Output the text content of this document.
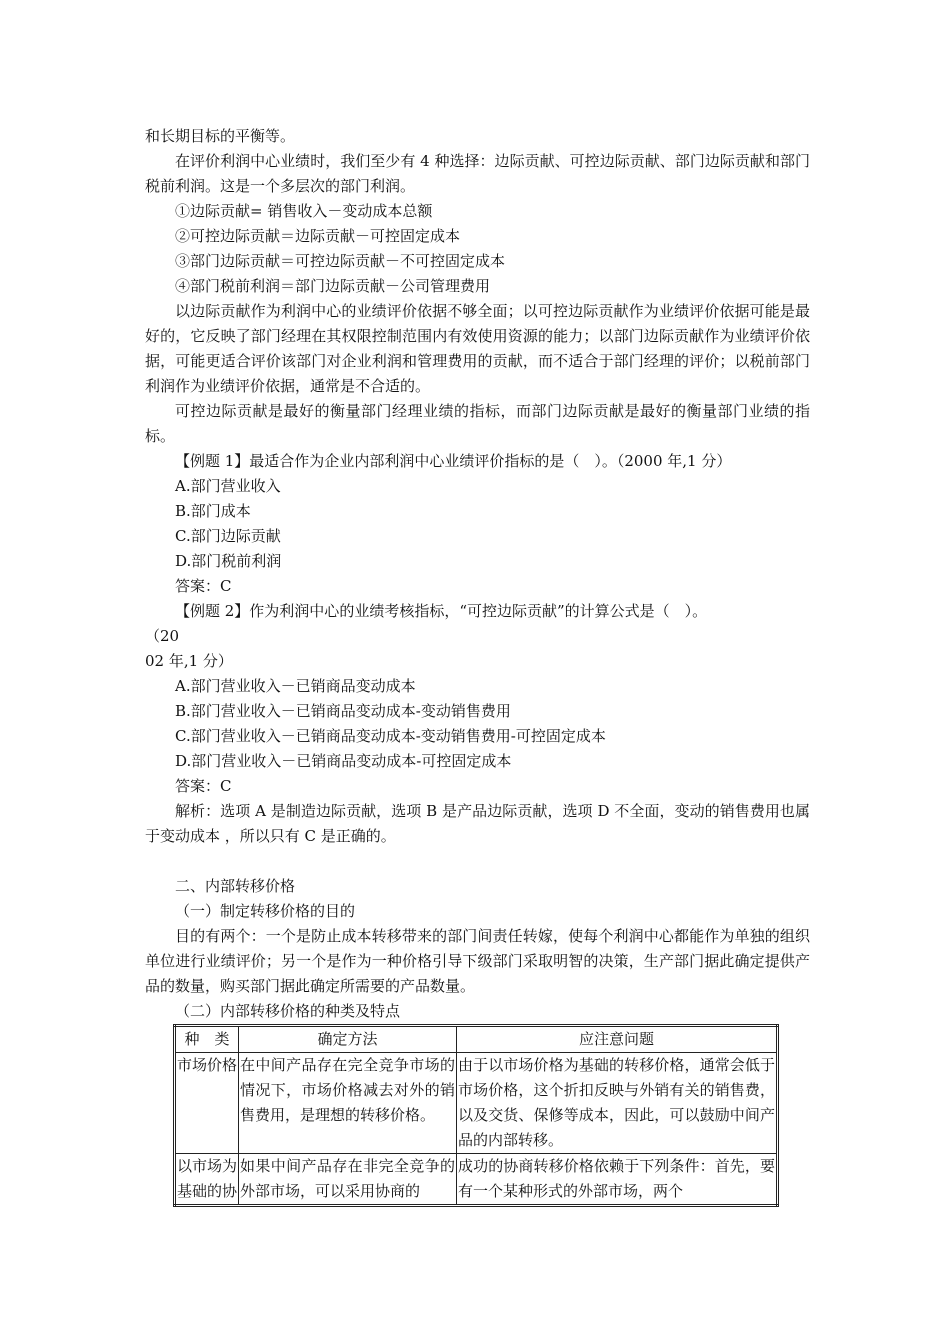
和长期目标的平衡等。

在评价利润中心业绩时，我们至少有 4 种选择：边际贡献、可控边际贡献、部门边际贡献和部门税前利润。这是一个多层次的部门利润。

①边际贡献= 销售收入－变动成本总额

②可控边际贡献＝边际贡献－可控固定成本

③部门边际贡献＝可控边际贡献－不可控固定成本

④部门税前利润＝部门边际贡献－公司管理费用

以边际贡献作为利润中心的业绩评价依据不够全面；以可控边际贡献作为业绩评价依据可能是最好的，它反映了部门经理在其权限控制范围内有效使用资源的能力；以部门边际贡献作为业绩评价依据，可能更适合评价该部门对企业利润和管理费用的贡献，而不适合于部门经理的评价；以税前部门利润作为业绩评价依据，通常是不合适的。

可控边际贡献是最好的衡量部门经理业绩的指标，而部门边际贡献是最好的衡量部门业绩的指标。

【例题 1】最适合作为企业内部利润中心业绩评价指标的是（　）。（2000 年,1 分）

A.部门营业收入

B.部门成本

C.部门边际贡献

D.部门税前利润

答案：C

【例题 2】作为利润中心的业绩考核指标，“可控边际贡献”的计算公式是（　）。

（20

02 年,1 分）

A.部门营业收入－已销商品变动成本

B.部门营业收入－已销商品变动成本-变动销售费用

C.部门营业收入－已销商品变动成本-变动销售费用-可控固定成本

D.部门营业收入－已销商品变动成本-可控固定成本

答案：C

解析：选项 A 是制造边际贡献，选项 B 是产品边际贡献，选项 D 不全面，变动的销售费用也属于变动成本 ，所以只有 C 是正确的。

二、内部转移价格

（一）制定转移价格的目的

目的有两个：一个是防止成本转移带来的部门间责任转嫁，使每个利润中心都能作为单独的组织单位进行业绩评价；另一个是作为一种价格引导下级部门采取明智的决策，生产部门据此确定提供产品的数量，购买部门据此确定所需要的产品数量。

（二）内部转移价格的种类及特点

种　类	确定方法	应注意问题
市场价格	在中间产品存在完全竞争市场的情况下，市场价格减去对外的销售费用，是理想的转移价格。	由于以市场价格为基础的转移价格，通常会低于市场价格，这个折扣反映与外销有关的销售费，以及交货、保修等成本，因此，可以鼓励中间产品的内部转移。
以市场为基础的协	如果中间产品存在非完全竞争的外部市场，可以采用协商的	成功的协商转移价格依赖于下列条件：首先，要有一个某种形式的外部市场，两个
